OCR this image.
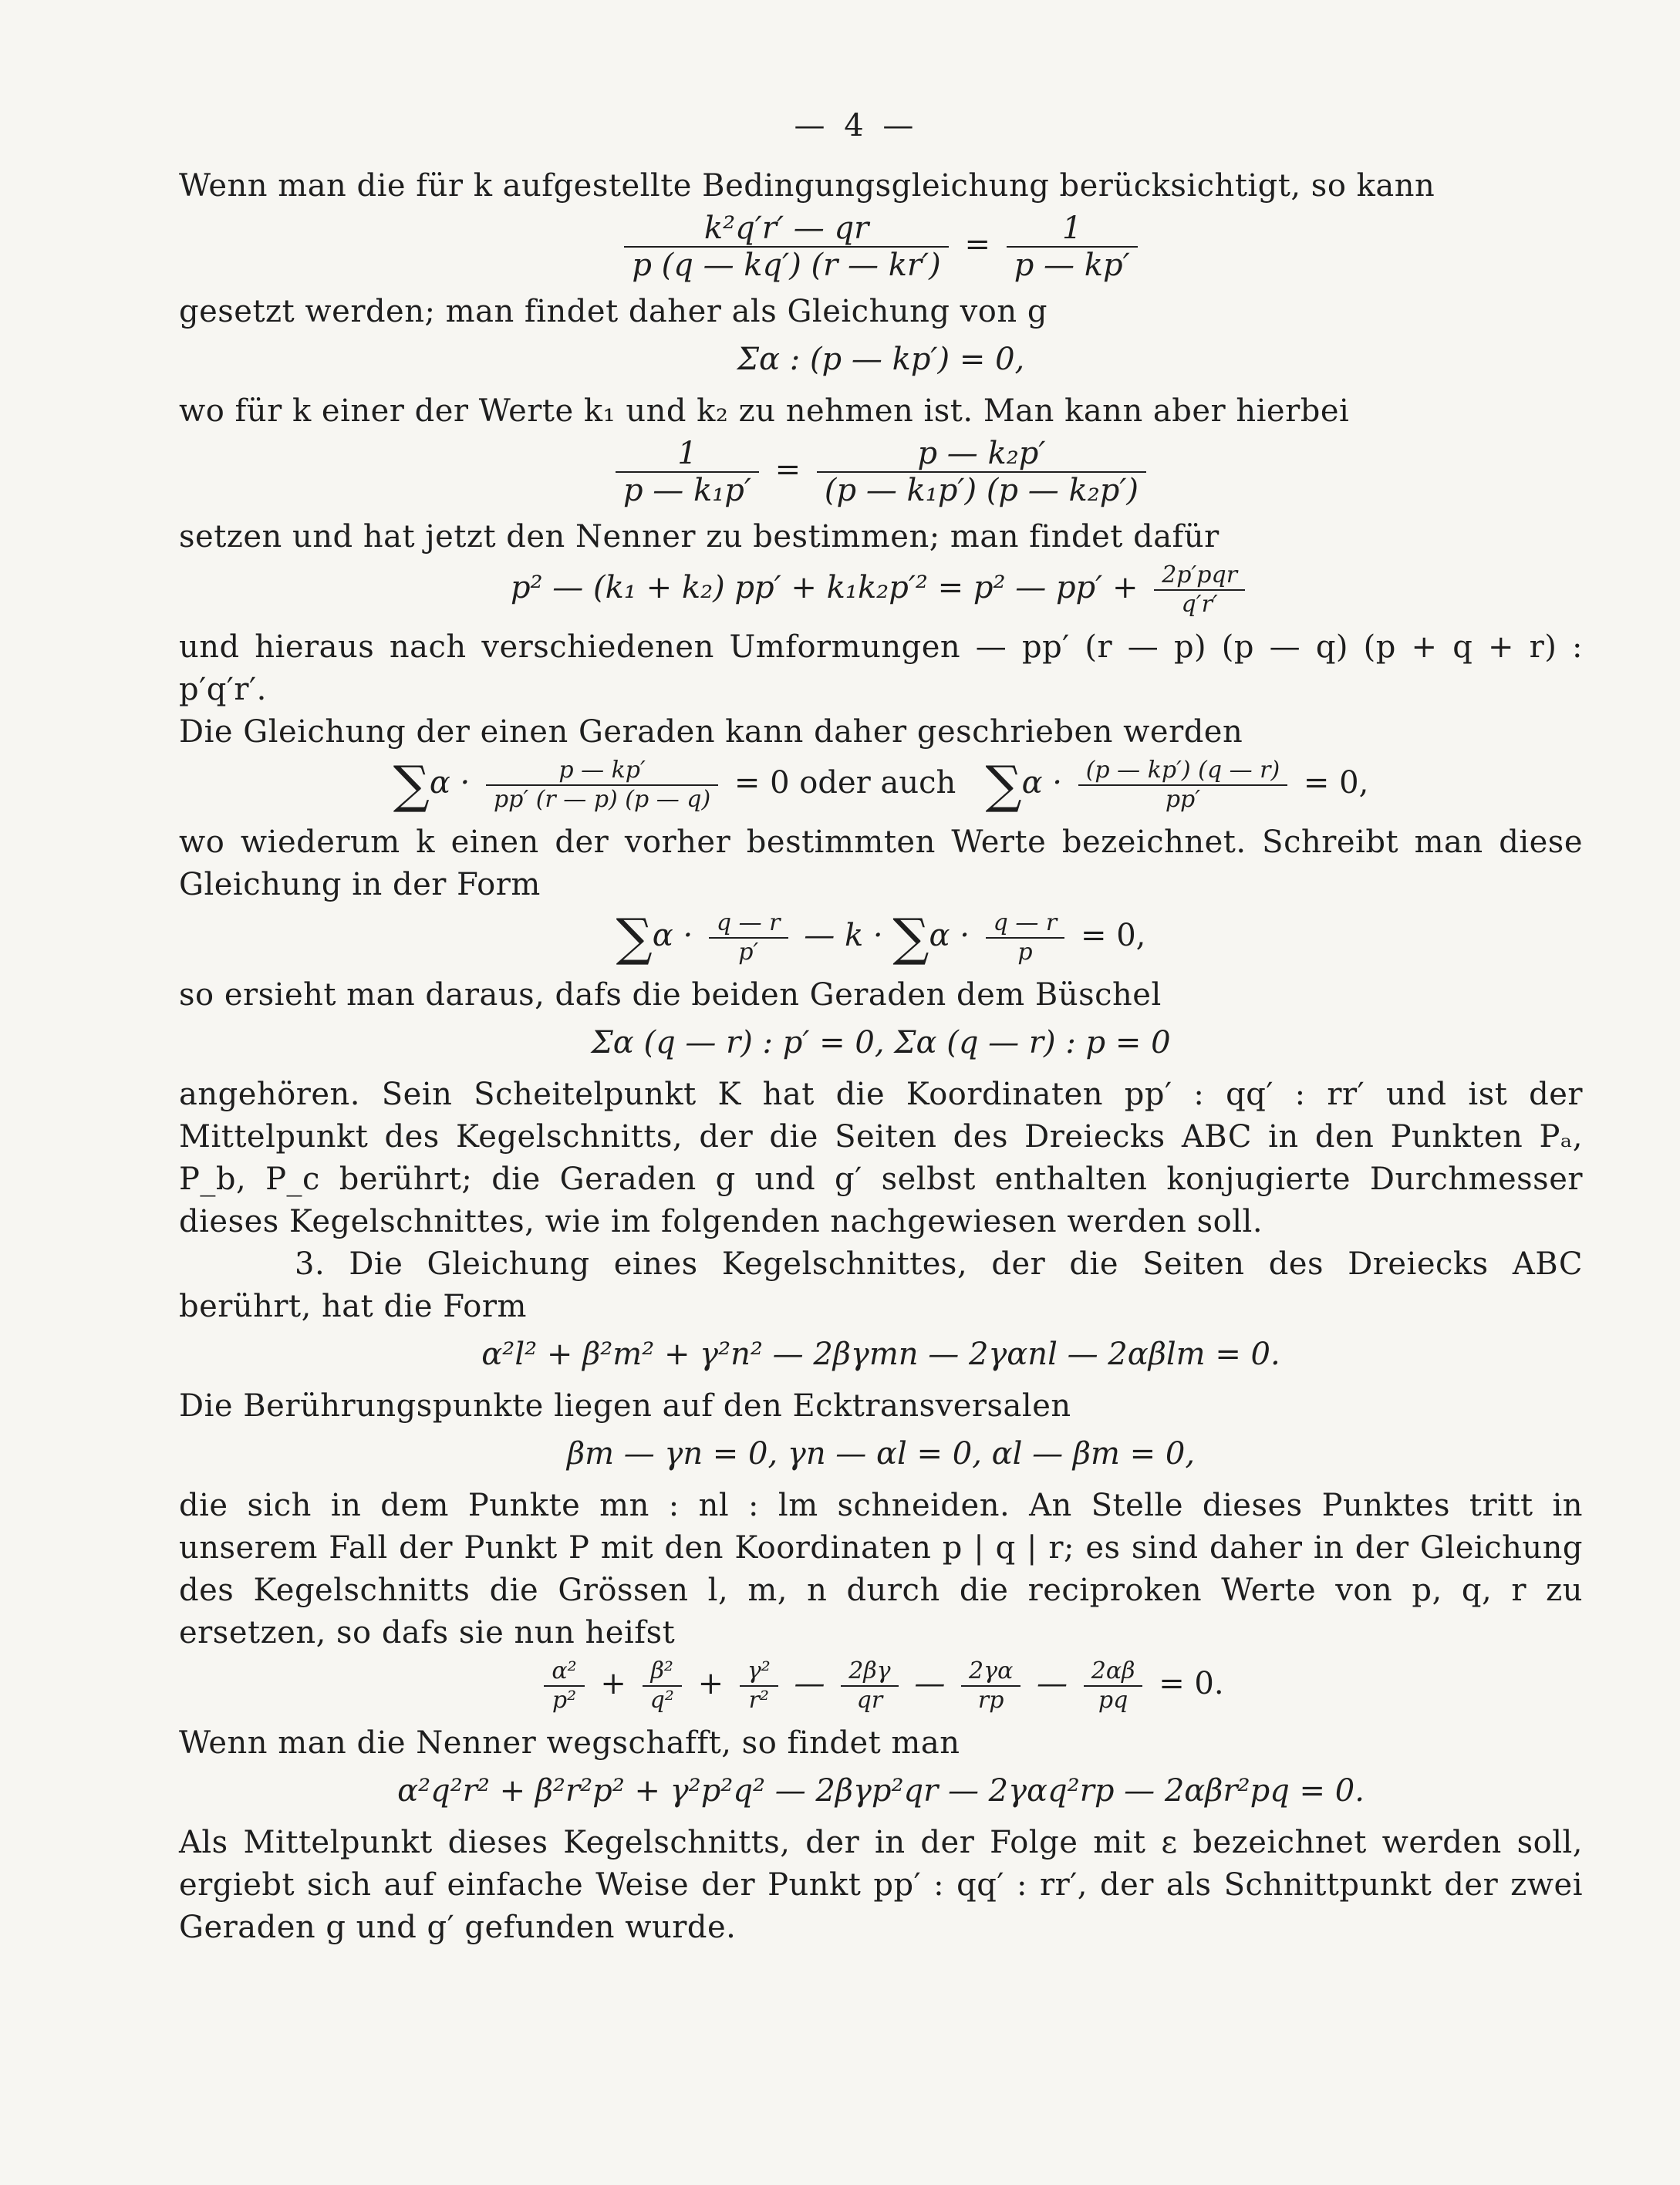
— 4 —

Wenn man die für k aufgestellte Bedingungsgleichung berücksichtigt, so kann

$\frac{\text{k²q′r′ — qr}}{p (q — kq') (r — kr')} = \frac{1}{p — kp'}$

gesetzt werden; man findet daher als Gleichung von g

Σα : (p — kp′) = 0,

wo für k einer der Werte k₁ und k₂ zu nehmen ist. Man kann aber hierbei

$\frac{1}{\text{p — k₁p′}} = \frac{\text{p — k₂p′}}{\text{(p — k₁p′) (p — k₂p′)}}$

setzen und hat jetzt den Nenner zu bestimmen; man findet dafür

p² — (k₁ + k₂) pp′ + k₁k₂p′² = p² — $pp' + \frac{\text{2p′pqr}}{q'r'}$

und hieraus nach verschiedenen Umformungen — pp′ (r — p) (p — q) (p + q + r) : p′q′r′.

Die Gleichung der einen Geraden kann daher geschrieben werden

$\sum\alpha \cdot \frac{p — kp'}{pp' (r — p) (p — q)} = 0$ oder auch $\sum\alpha \cdot \frac{(p — kp') (q — r)}{pp'} = 0$,

wo wiederum k einen der vorher bestimmten Werte bezeichnet. Schreibt man diese Gleichung in der Form

$\sum\alpha \cdot \frac{q — r}{p'}$ — $k \cdot \sum\alpha \cdot \frac{q — r}{p} = 0$,

so ersieht man daraus, dafs die beiden Geraden dem Büschel

Σα (q — r) : p′ = 0, Σα (q — r) : p = 0

angehören. Sein Scheitelpunkt K hat die Koordinaten pp′ : qq′ : rr′ und ist der Mittelpunkt des Kegelschnitts, der die Seiten des Dreiecks ABC in den Punkten Pₐ, P_b, P_c berührt; die Geraden g und g′ selbst enthalten konjugierte Durchmesser dieses Kegelschnittes, wie im folgenden nachgewiesen werden soll.

3. Die Gleichung eines Kegelschnittes, der die Seiten des Dreiecks ABC berührt, hat die Form

α²l² + β²m² + γ²n² — 2βγmn — 2γαnl — 2αβlm = 0.

Die Berührungspunkte liegen auf den Ecktransversalen

βm — γn = 0, γn — αl = 0, αl — βm = 0,

die sich in dem Punkte mn : nl : lm schneiden. An Stelle dieses Punktes tritt in unserem Fall der Punkt P mit den Koordinaten p | q | r; es sind daher in der Gleichung des Kegelschnitts die Grössen l, m, n durch die reciproken Werte von p, q, r zu ersetzen, so dafs sie nun heifst

$\frac{\text{α²}}{\text{p²}} + \frac{\text{β²}}{\text{q²}} + \frac{\text{γ²}}{\text{r²}}$ — $\frac{2\beta\gamma}{qr}$ — $\frac{2\gamma\alpha}{rp}$ — $\frac{2\alpha\beta}{pq} = 0$.

Wenn man die Nenner wegschafft, so findet man

α²q²r² + β²r²p² + γ²p²q² — 2βγp²qr — 2γαq²rp — 2αβr²pq = 0.

Als Mittelpunkt dieses Kegelschnitts, der in der Folge mit ε bezeichnet werden soll, ergiebt sich auf einfache Weise der Punkt pp′ : qq′ : rr′, der als Schnittpunkt der zwei Geraden g und g′ gefunden wurde.
